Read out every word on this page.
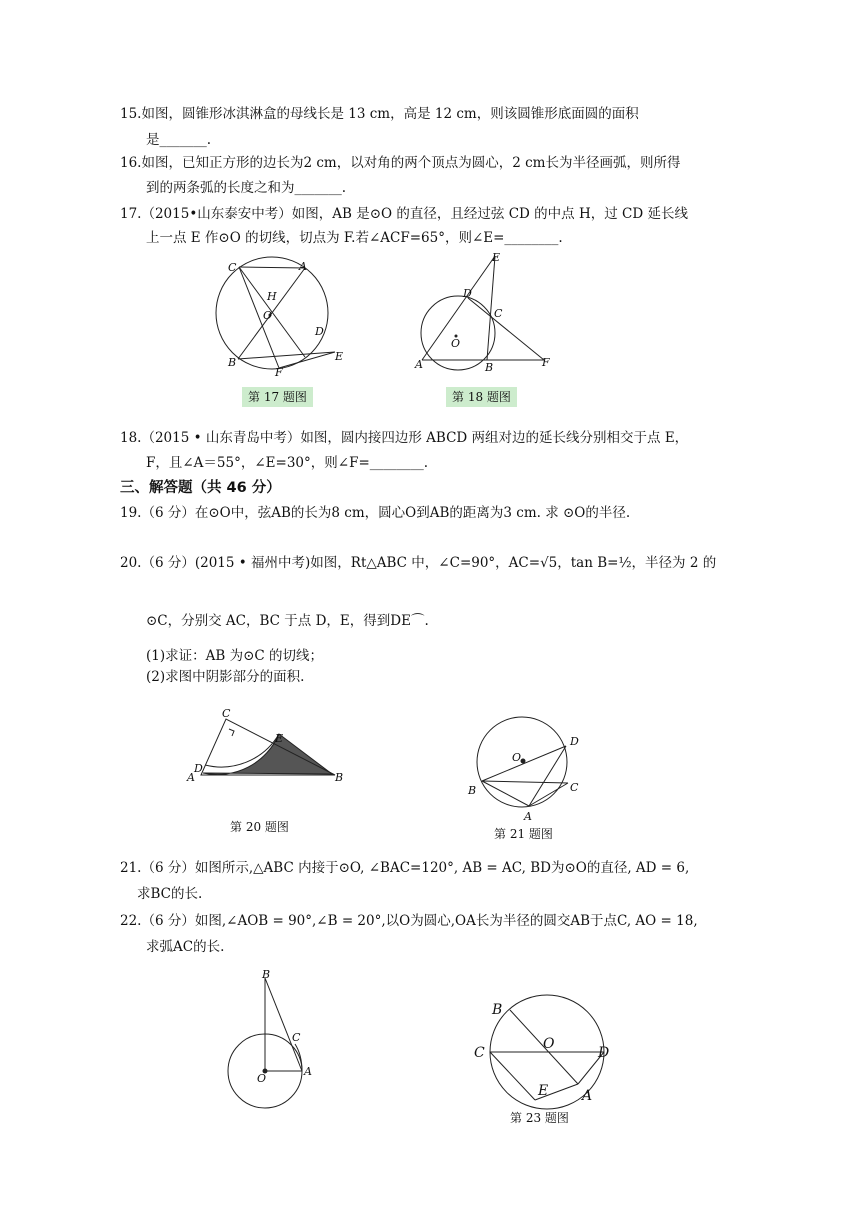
15.如图，圆锥形冰淇淋盒的母线长是 13 cm，高是 12 cm，则该圆锥形底面圆的面积
是_______.
16.如图，已知正方形的边长为2 cm，以对角的两个顶点为圆心，2 cm长为半径画弧，则所得
到的两条弧的长度之和为_______.
17.（2015•山东泰安中考）如图，AB 是⊙O 的直径，且经过弦 CD 的中点 H，过 CD 延长线
上一点 E 作⊙O 的切线，切点为 F.若∠ACF=65°，则∠E=________.
C	A
H
O
D
E
B
F
E
D
C
O
A	B	F
第 17 题图	第 18 题图
18.（2015 • 山东青岛中考）如图，圆内接四边形 ABCD 两组对边的延长线分别相交于点 E，
F，且∠A＝55°，∠E=30°，则∠F=________.
三、解答题（共 46 分）
19.（6 分）在⊙O中，弦AB的长为8 cm，圆心O到AB的距离为3 cm. 求 ⊙O的半径.
20.（6 分）(2015 • 福州中考)如图，Rt△ABC 中，∠C=90°，AC=√5，tan B=½，半径为 2 的
⊙C，分别交 AC，BC 于点 D，E，得到DE⌒.
(1)求证：AB 为⊙C 的切线；
(2)求图中阴影部分的面积.
C
E
D
A	B
O
D
B	C
A
第 20 题图	第 21 题图
21.（6 分）如图所示,△ABC 内接于⊙O, ∠BAC=120°, AB = AC, BD为⊙O的直径, AD = 6,
求BC的长.
22.（6 分）如图,∠AOB = 90°,∠B = 20°,以O为圆心,OA长为半径的圆交AB于点C, AO = 18,
求弧AC的长.
B
C
O
A
B
C
O
D
E A
第 23 题图
